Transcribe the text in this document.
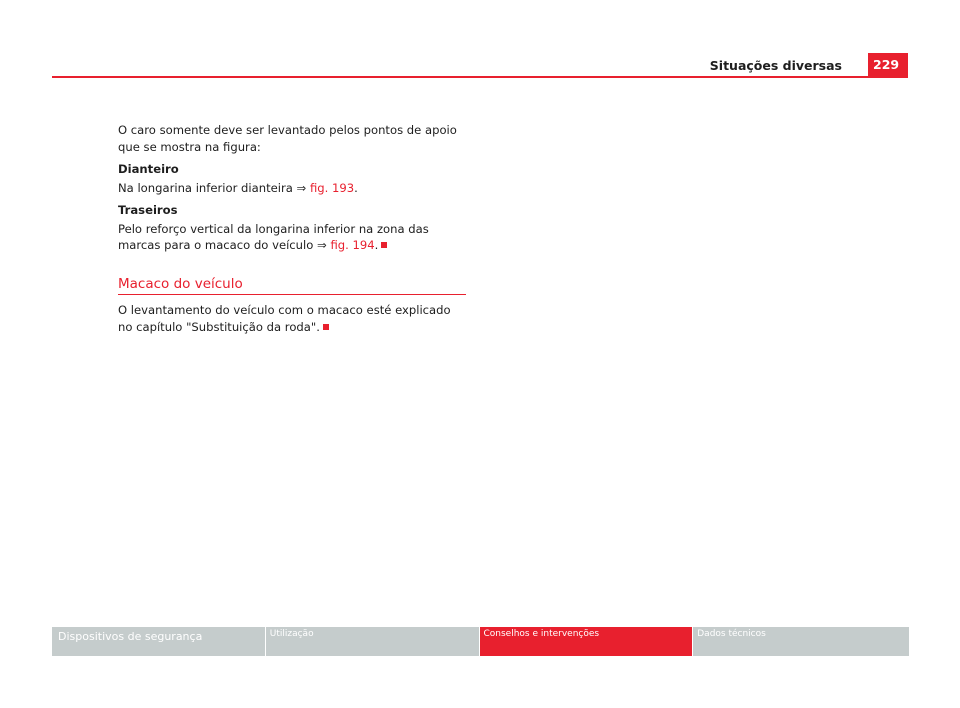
Situações diversas	229

O caro somente deve ser levantado pelos pontos de apoio que se mostra na figura:

Dianteiro

Na longarina inferior dianteira ⇒ fig. 193.

Traseiros

Pelo reforço vertical da longarina inferior na zona das marcas para o macaco do veículo ⇒ fig. 194.

Macaco do veículo

O levantamento do veículo com o macaco esté explicado no capítulo "Substituição da roda".

Dispositivos de segurança	Utilização	Conselhos e intervenções	Dados técnicos
